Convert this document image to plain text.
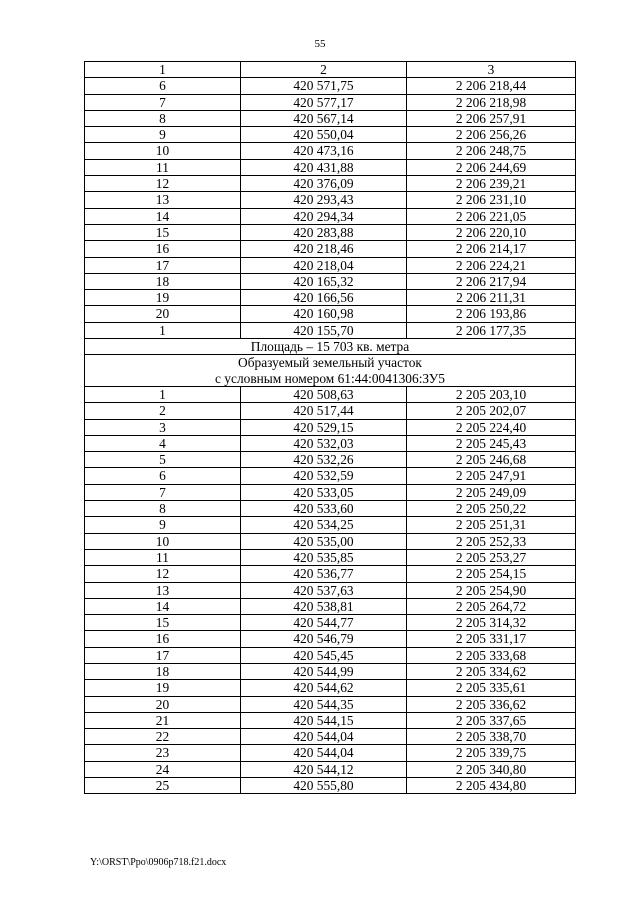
55
1	2	3
6	420 571,75	2 206 218,44
7	420 577,17	2 206 218,98
8	420 567,14	2 206 257,91
9	420 550,04	2 206 256,26
10	420 473,16	2 206 248,75
11	420 431,88	2 206 244,69
12	420 376,09	2 206 239,21
13	420 293,43	2 206 231,10
14	420 294,34	2 206 221,05
15	420 283,88	2 206 220,10
16	420 218,46	2 206 214,17
17	420 218,04	2 206 224,21
18	420 165,32	2 206 217,94
19	420 166,56	2 206 211,31
20	420 160,98	2 206 193,86
1	420 155,70	2 206 177,35

Площадь – 15 703 кв. метра		

Образуемый земельный участок
с условным номером 61:44:0041306:ЗУ5		

1	420 508,63	2 205 203,10
2	420 517,44	2 205 202,07
3	420 529,15	2 205 224,40
4	420 532,03	2 205 245,43
5	420 532,26	2 205 246,68
6	420 532,59	2 205 247,91
7	420 533,05	2 205 249,09
8	420 533,60	2 205 250,22
9	420 534,25	2 205 251,31
10	420 535,00	2 205 252,33
11	420 535,85	2 205 253,27
12	420 536,77	2 205 254,15
13	420 537,63	2 205 254,90
14	420 538,81	2 205 264,72
15	420 544,77	2 205 314,32
16	420 546,79	2 205 331,17
17	420 545,45	2 205 333,68
18	420 544,99	2 205 334,62
19	420 544,62	2 205 335,61
20	420 544,35	2 205 336,62
21	420 544,15	2 205 337,65
22	420 544,04	2 205 338,70
23	420 544,04	2 205 339,75
24	420 544,12	2 205 340,80
25	420 555,80	2 205 434,80
Y:\ORST\Ppo\0906p718.f21.docx
